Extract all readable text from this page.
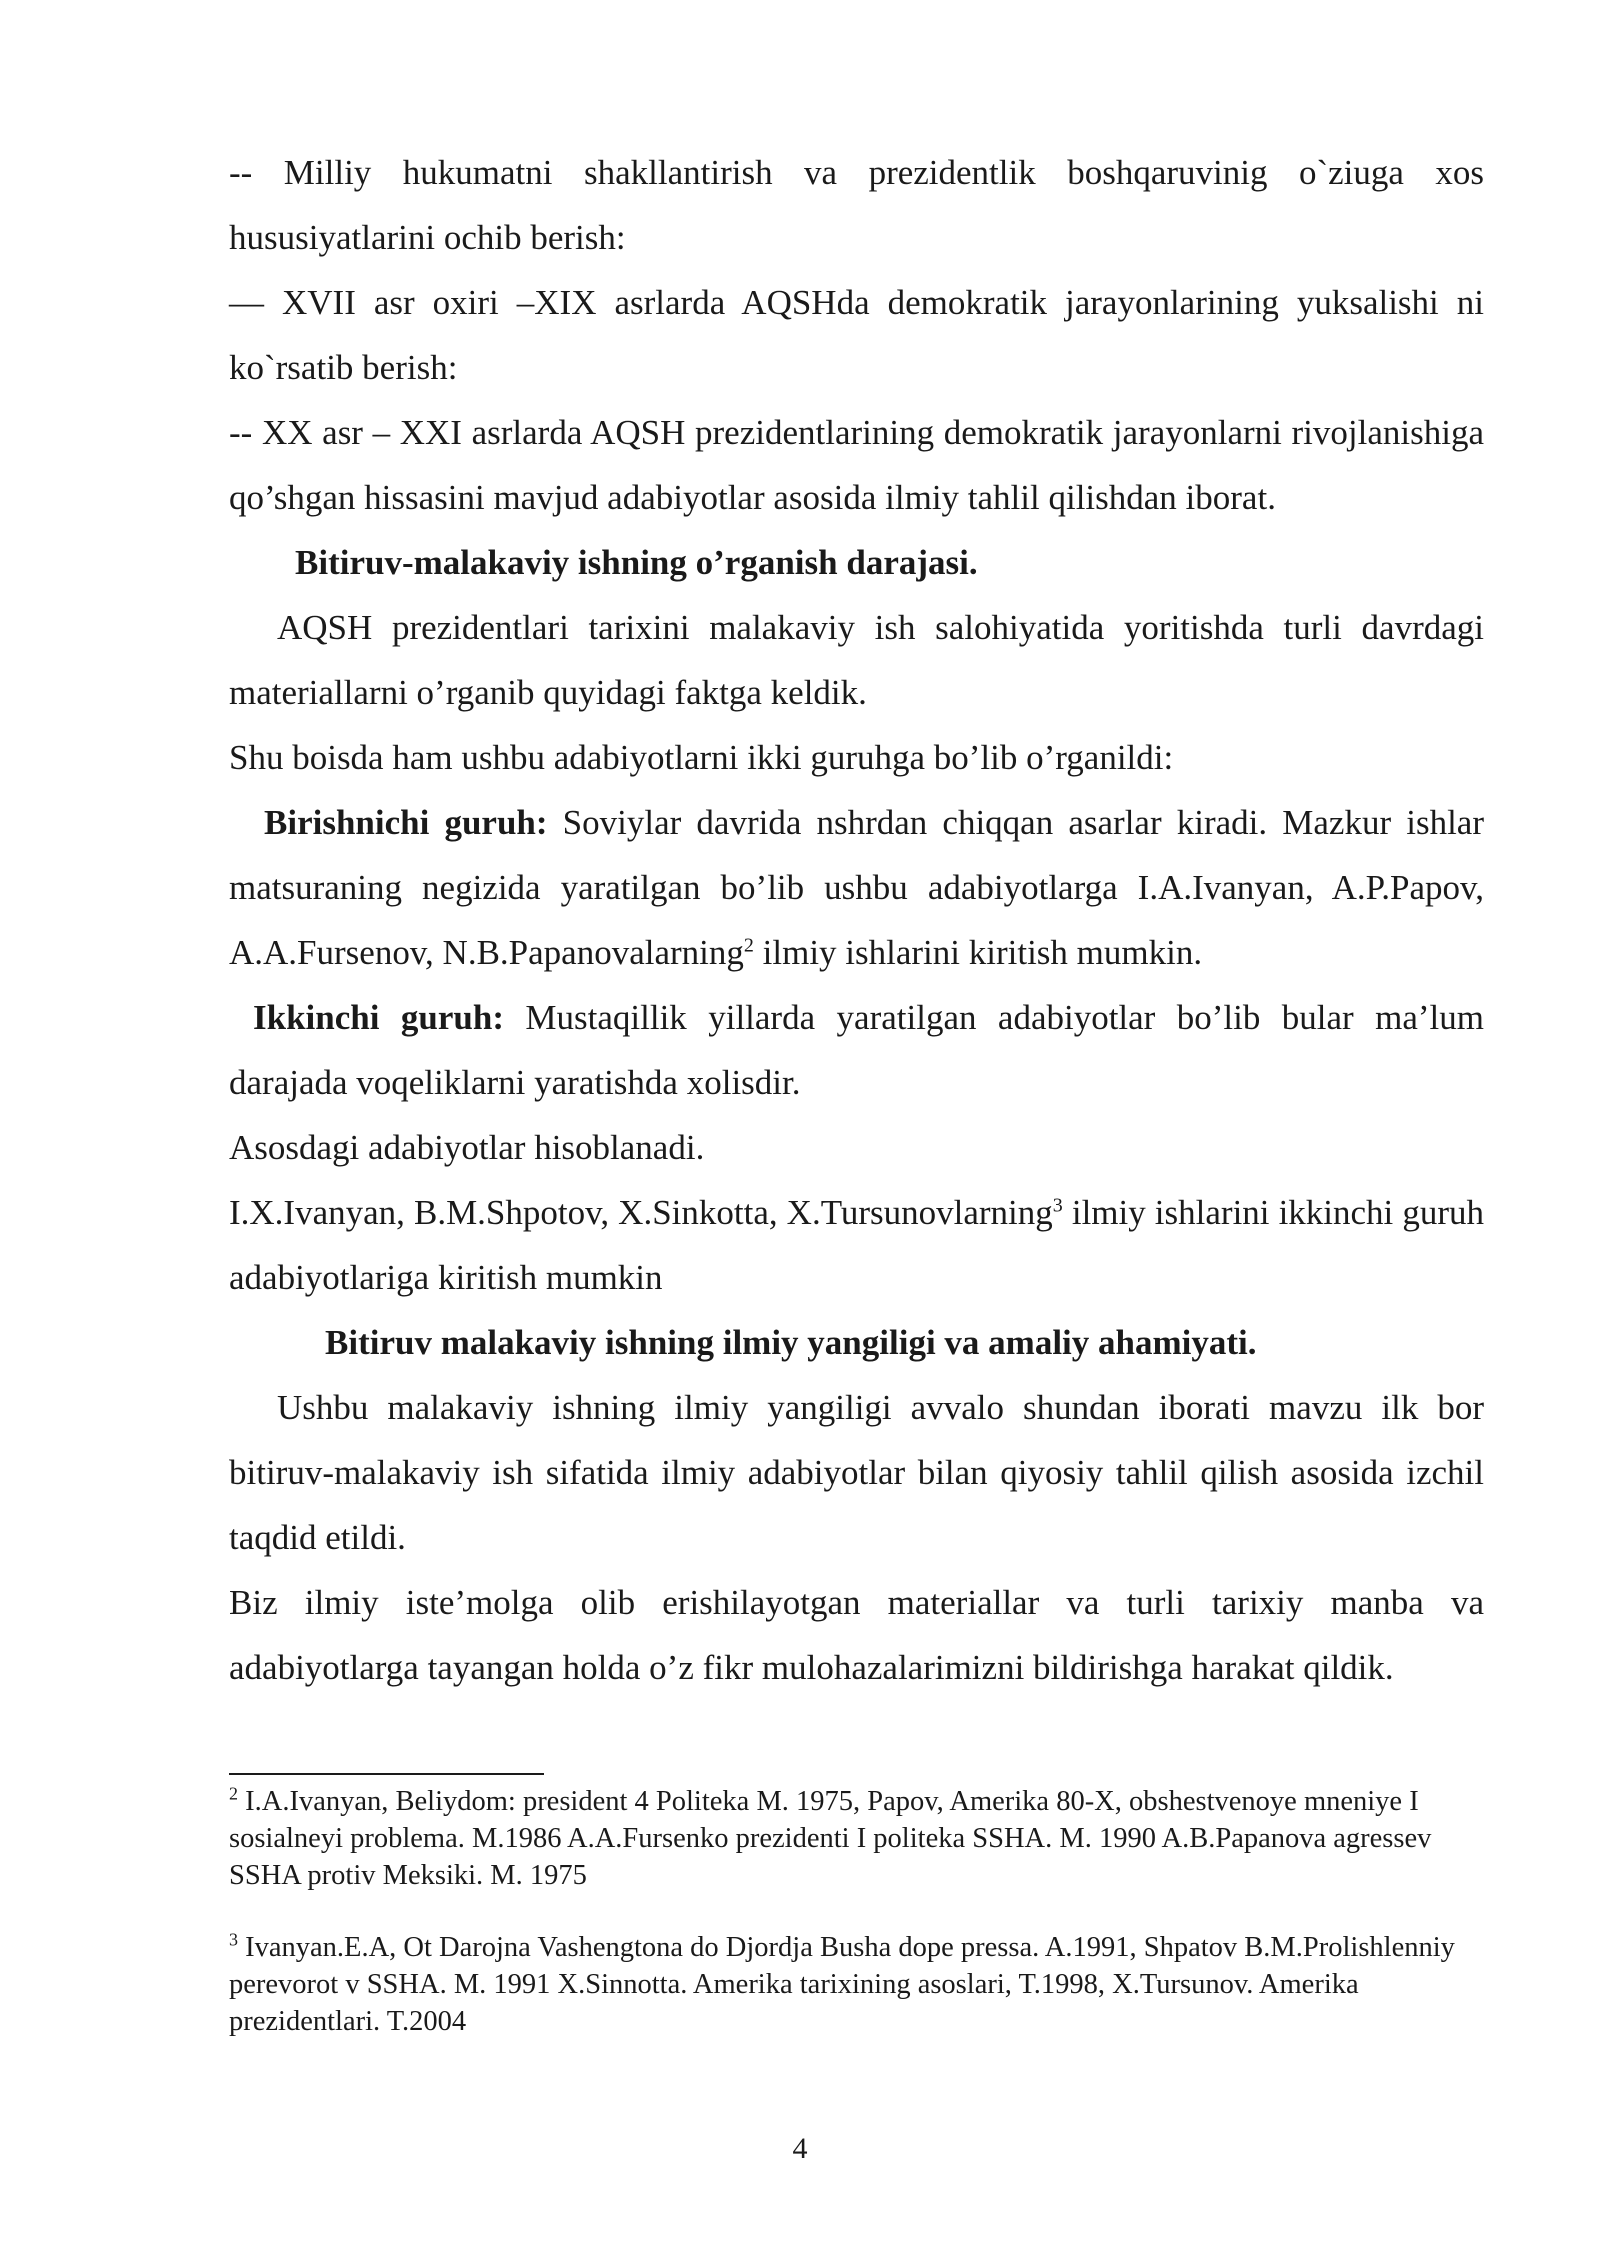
-- Milliy hukumatni shakllantirish va prezidentlik boshqaruvinig o`ziuga xos hususiyatlarini ochib berish:

— XVII asr oxiri –XIX asrlarda AQSHda demokratik jarayonlarining yuksalishi ni ko`rsatib berish:

-- XX asr – XXI asrlarda AQSH prezidentlarining demokratik jarayonlarni rivojlanishiga qo’shgan hissasini mavjud adabiyotlar asosida ilmiy tahlil qilishdan iborat.

Bitiruv-malakaviy ishning o’rganish darajasi.

AQSH prezidentlari tarixini malakaviy ish salohiyatida yoritishda turli davrdagi materiallarni o’rganib quyidagi faktga keldik.

Shu boisda ham ushbu adabiyotlarni ikki guruhga bo’lib o’rganildi:

Birishnichi guruh: Soviylar davrida nshrdan chiqqan asarlar kiradi. Mazkur ishlar matsuraning negizida yaratilgan bo’lib ushbu adabiyotlarga I.A.Ivanyan, A.P.Papov, A.A.Fursenov, N.B.Papanovalarning$^2$ ilmiy ishlarini kiritish mumkin.

Ikkinchi guruh: Mustaqillik yillarda yaratilgan adabiyotlar bo’lib bular ma’lum darajada voqeliklarni yaratishda xolisdir.

Asosdagi adabiyotlar hisoblanadi.

I.X.Ivanyan, B.M.Shpotov, X.Sinkotta, X.Tursunovlarning$^3$ ilmiy ishlarini ikkinchi guruh adabiyotlariga kiritish mumkin

Bitiruv malakaviy ishning ilmiy yangiligi va amaliy ahamiyati.

Ushbu malakaviy ishning ilmiy yangiligi avvalo shundan iborati mavzu ilk bor bitiruv-malakaviy ish sifatida ilmiy adabiyotlar bilan qiyosiy tahlil qilish asosida izchil taqdid etildi.

Biz ilmiy iste’molga olib erishilayotgan materiallar va turli tarixiy manba va adabiyotlarga tayangan holda o’z fikr mulohazalarimizni bildirishga harakat qildik.

$^2$ I.A.Ivanyan, Beliydom: president 4 Politeka M. 1975, Papov, Amerika 80-X, obshestvenoye mneniye I sosialneyi problema. M.1986 A.A.Fursenko prezidenti I politeka SSHA. M. 1990 A.B.Papanova agressev SSHA protiv Meksiki. M. 1975

$^3$ Ivanyan.E.A, Ot Darojna Vashengtona do Djordja Busha dope pressa. A.1991, Shpatov B.M.Prolishlenniy perevorot v SSHA. M. 1991 X.Sinnotta. Amerika tarixining asoslari, T.1998, X.Tursunov. Amerika prezidentlari. T.2004

4
